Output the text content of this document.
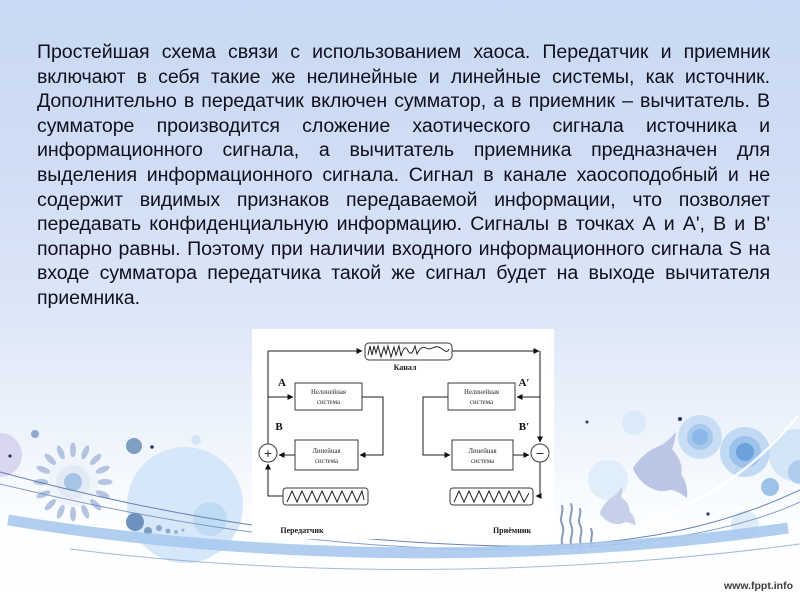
Простейшая схема связи с использованием хаоса. Передатчик и приемник включают в себя такие же нелинейные и линейные системы, как источник. Дополнительно в передатчик включен сумматор, а в приемник – вычитатель. В сумматоре производится сложение хаотического сигнала источника и информационного сигнала, а вычитатель приемника предназначен для выделения информационного сигнала. Сигнал в канале хаосоподобный и не содержит видимых признаков передаваемой информации, что позволяет передавать конфиденциальную информацию. Сигналы в точках А и А', В и В' попарно равны. Поэтому при наличии входного информационного сигнала S на входе сумматора передатчика такой же сигнал будет на выходе вычитателя приемника.

Канал
Нелинейная
система
Линейная
система
Нелинейная
система
Линейная
система
+	−
A
B
A′
B′
Передатчик	Приёмник
www.fppt.info
